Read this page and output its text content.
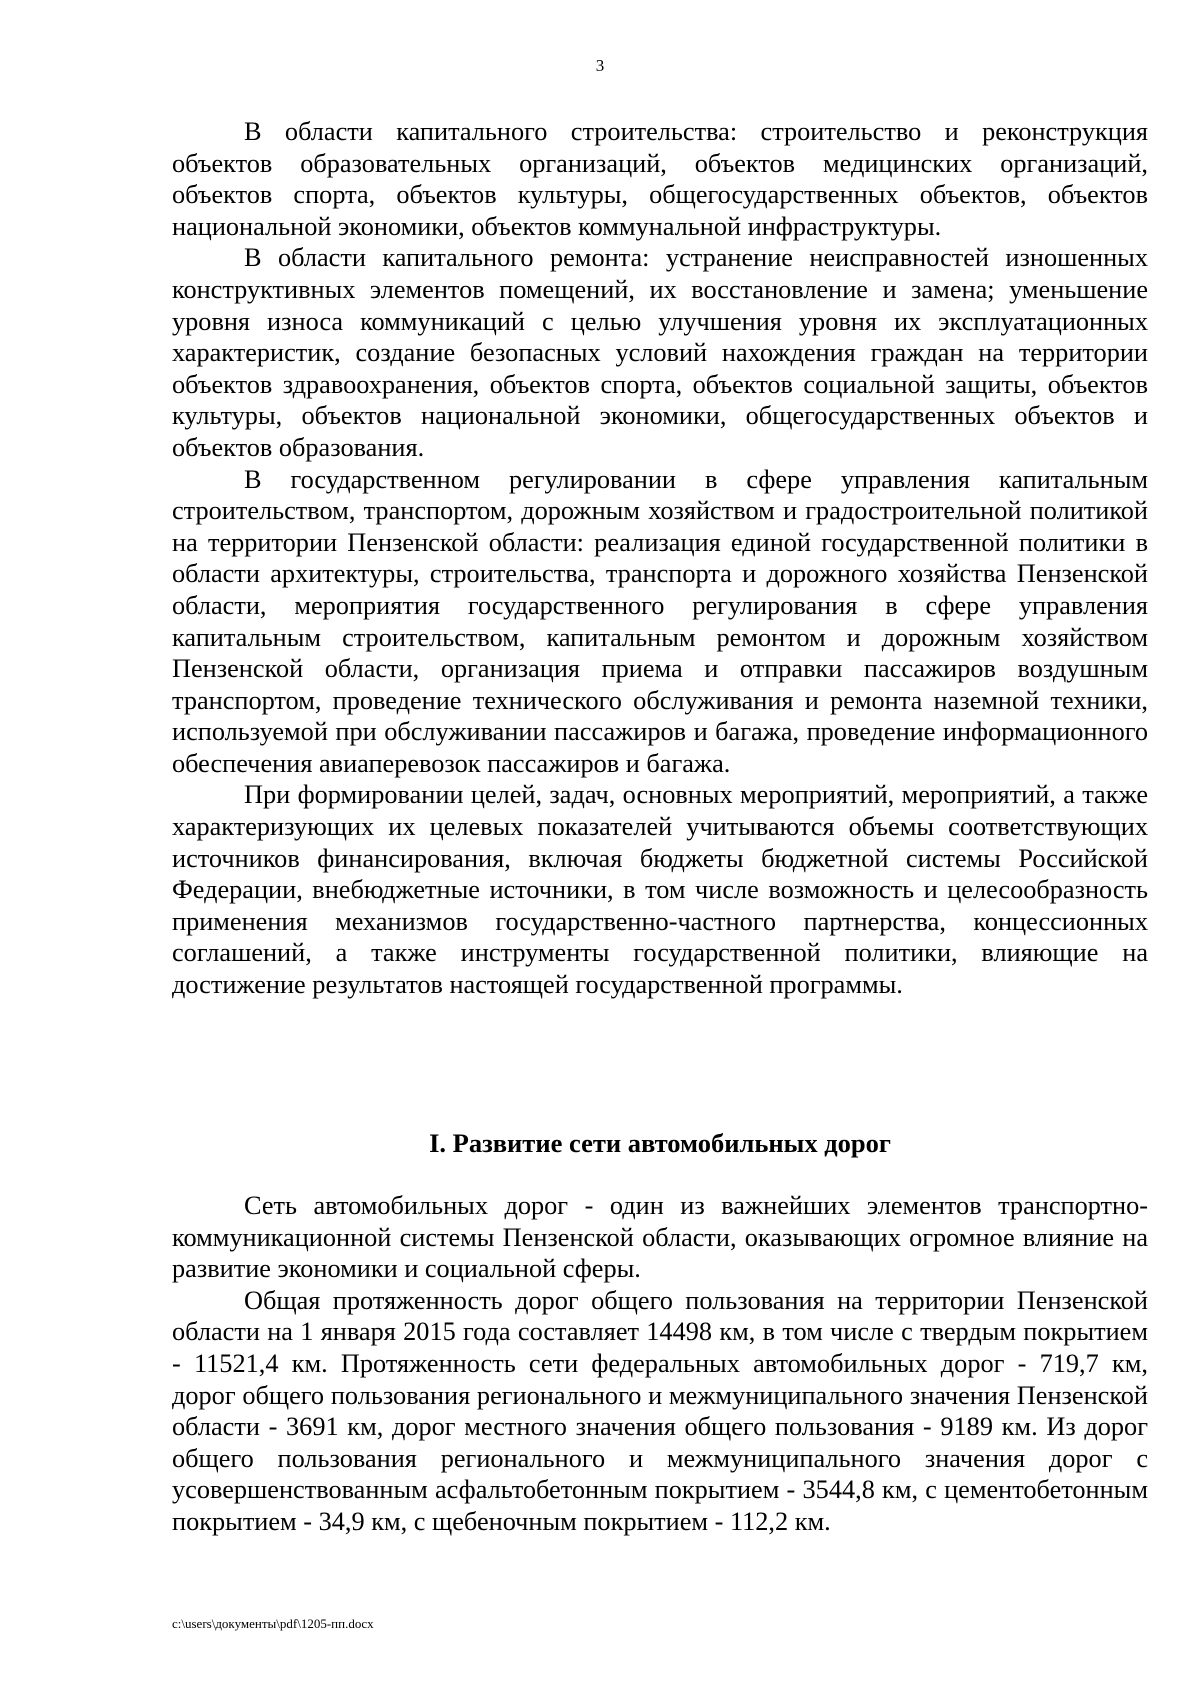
3

В области капитального строительства: строительство и реконструкция объектов образовательных организаций, объектов медицинских организаций, объектов спорта, объектов культуры, общегосударственных объектов, объектов национальной экономики, объектов коммунальной инфраструктуры.

В области капитального ремонта: устранение неисправностей изношенных конструктивных элементов помещений, их восстановление и замена; уменьшение уровня износа коммуникаций с целью улучшения уровня их эксплуатационных характеристик, создание безопасных условий нахождения граждан на территории объектов здравоохранения, объектов спорта, объектов социальной защиты, объектов культуры, объектов национальной экономики, общегосударственных объектов и объектов образования.

В государственном регулировании в сфере управления капитальным строительством, транспортом, дорожным хозяйством и градостроительной политикой на территории Пензенской области: реализация единой государственной политики в области архитектуры, строительства, транспорта и дорожного хозяйства Пензенской области, мероприятия государственного регулирования в сфере управления капитальным строительством, капитальным ремонтом и дорожным хозяйством Пензенской области, организация приема и отправки пассажиров воздушным транспортом, проведение технического обслуживания и ремонта наземной техники, используемой при обслуживании пассажиров и багажа, проведение информационного обеспечения авиаперевозок пассажиров и багажа.

При формировании целей, задач, основных мероприятий, мероприятий, а также характеризующих их целевых показателей учитываются объемы соответствующих источников финансирования, включая бюджеты бюджетной системы Российской Федерации, внебюджетные источники, в том числе возможность и целесообразность применения механизмов государственно-частного партнерства, концессионных соглашений, а также инструменты государственной политики, влияющие на достижение результатов настоящей государственной программы.

I. Развитие сети автомобильных дорог

Сеть автомобильных дорог - один из важнейших элементов транспортно-коммуникационной системы Пензенской области, оказывающих огромное влияние на развитие экономики и социальной сферы.

Общая протяженность дорог общего пользования на территории Пензенской области на 1 января 2015 года составляет 14498 км, в том числе с твердым покрытием - 11521,4 км. Протяженность сети федеральных автомобильных дорог - 719,7 км, дорог общего пользования регионального и межмуниципального значения Пензенской области - 3691 км, дорог местного значения общего пользования - 9189 км. Из дорог общего пользования регионального и межмуниципального значения дорог с усовершенствованным асфальтобетонным покрытием - 3544,8 км, с цементобетонным покрытием - 34,9 км, с щебеночным покрытием - 112,2 км.

c:\users\документы\pdf\1205-пп.docx
